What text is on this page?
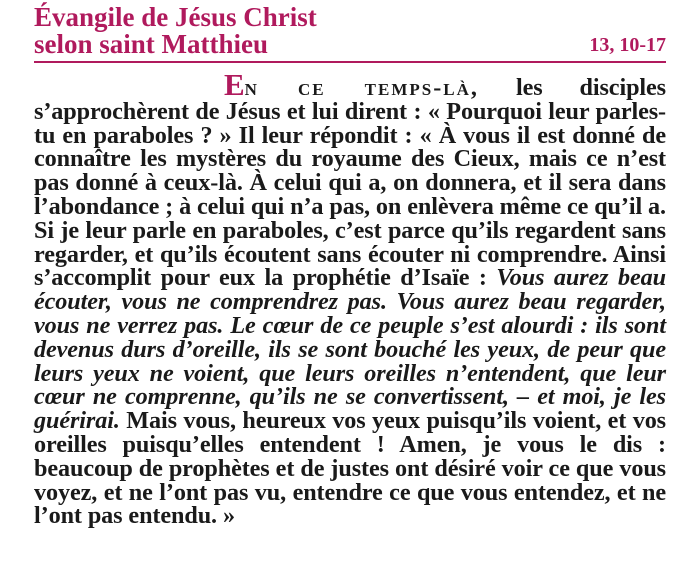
Évangile de Jésus Christ
selon saint Matthieu	13, 10-17
En ce temps-là, les disciples s’approchèrent de Jésus et lui dirent : « Pourquoi leur parles-tu en paraboles ? » Il leur répondit : « À vous il est donné de connaître les mystères du royaume des Cieux, mais ce n’est pas donné à ceux-là. À celui qui a, on donnera, et il sera dans l’abondance ; à celui qui n’a pas, on enlèvera même ce qu’il a. Si je leur parle en paraboles, c’est parce qu’ils regardent sans regarder, et qu’ils écoutent sans écouter ni comprendre. Ainsi s’accomplit pour eux la prophétie d’Isaïe : Vous aurez beau écouter, vous ne comprendrez pas. Vous aurez beau regarder, vous ne verrez pas. Le cœur de ce peuple s’est alourdi : ils sont devenus durs d’oreille, ils se sont bouché les yeux, de peur que leurs yeux ne voient, que leurs oreilles n’entendent, que leur cœur ne comprenne, qu’ils ne se convertissent, – et moi, je les guérirai. Mais vous, heureux vos yeux puisqu’ils voient, et vos oreilles puisqu’elles entendent ! Amen, je vous le dis : beaucoup de prophètes et de justes ont désiré voir ce que vous voyez, et ne l’ont pas vu, entendre ce que vous entendez, et ne l’ont pas entendu. »
